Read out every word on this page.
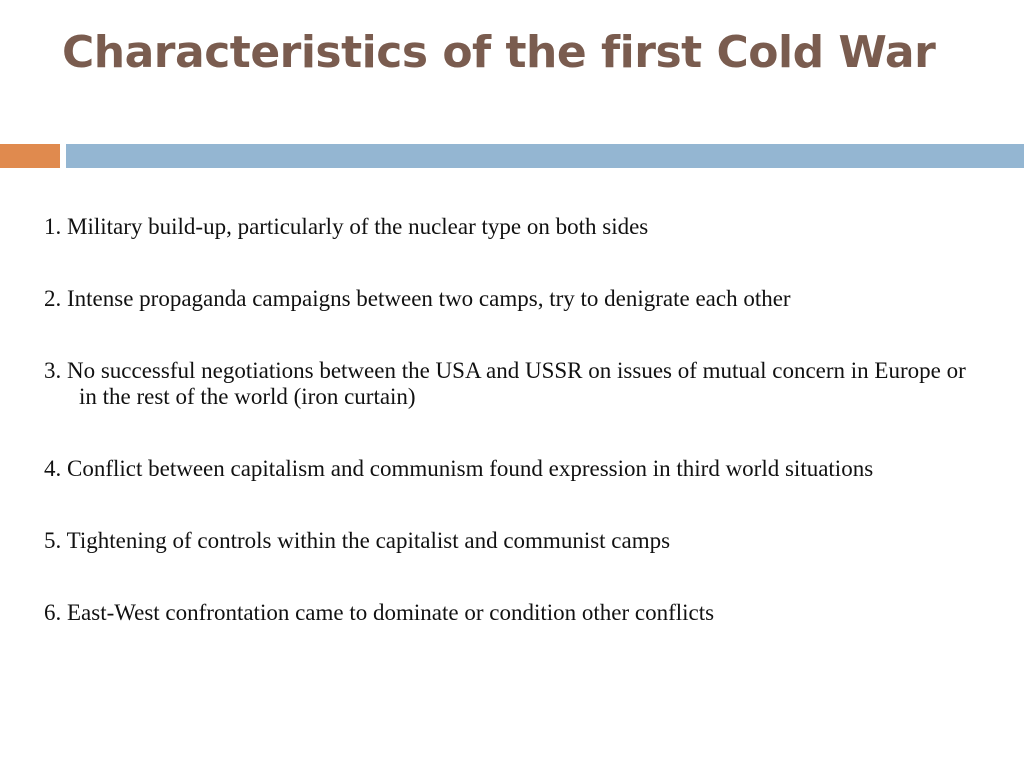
Characteristics of the first Cold War
1. Military build-up, particularly of the nuclear type on both sides
2. Intense propaganda campaigns between two camps, try to denigrate each other
3. No successful negotiations between the USA and USSR on issues of mutual concern in Europe or in the rest of the world (iron curtain)
4. Conflict between capitalism and communism found expression in third world situations
5. Tightening of controls within the capitalist and communist camps
6. East-West confrontation came to dominate or condition other conflicts
